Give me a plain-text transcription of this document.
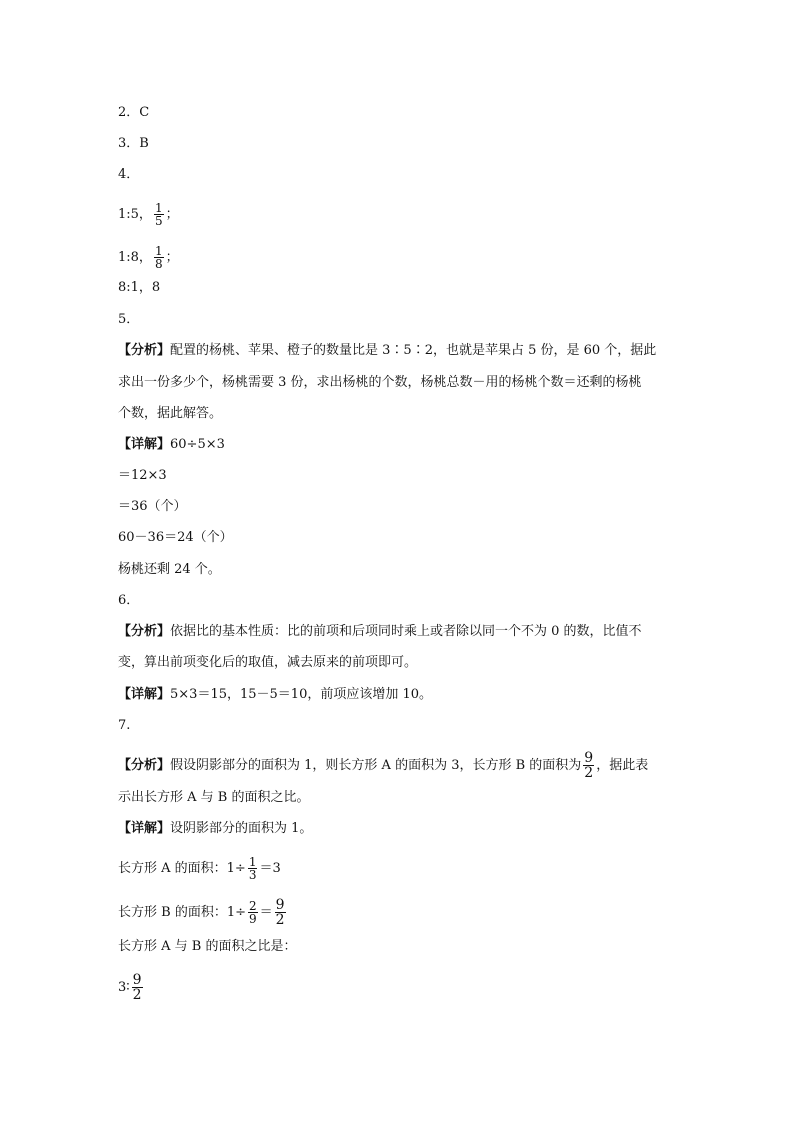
2．C
3．B
4．
1:5， $\frac{1}{5}$ ；
1:8， $\frac{1}{8}$ ；
8:1，8
5．
【分析】配置的杨桃、苹果、橙子的数量比是 3∶5∶2，也就是苹果占 5 份，是 60 个，据此
求出一份多少个，杨桃需要 3 份，求出杨桃的个数，杨桃总数－用的杨桃个数＝还剩的杨桃
个数，据此解答。
【详解】60÷5×3
＝12×3
＝36（个）
60－36＝24（个）
杨桃还剩 24 个。
6．
【分析】依据比的基本性质：比的前项和后项同时乘上或者除以同一个不为 0 的数，比值不
变，算出前项变化后的取值，减去原来的前项即可。
【详解】5×3＝15，15－5＝10，前项应该增加 10。
7.
【分析】假设阴影部分的面积为 1，则长方形 A 的面积为 3，长方形 B 的面积为 $\frac{9}{2}$ ，据此表
示出长方形 A 与 B 的面积之比。
【详解】设阴影部分的面积为 1。
长方形 A 的面积：$1\div \frac{1}{3} =3$
长方形 B 的面积：$1\div \frac{2}{9} = \frac{9}{2}$
长方形 A 与 B 的面积之比是：
3∶ $\frac{9}{2}$
